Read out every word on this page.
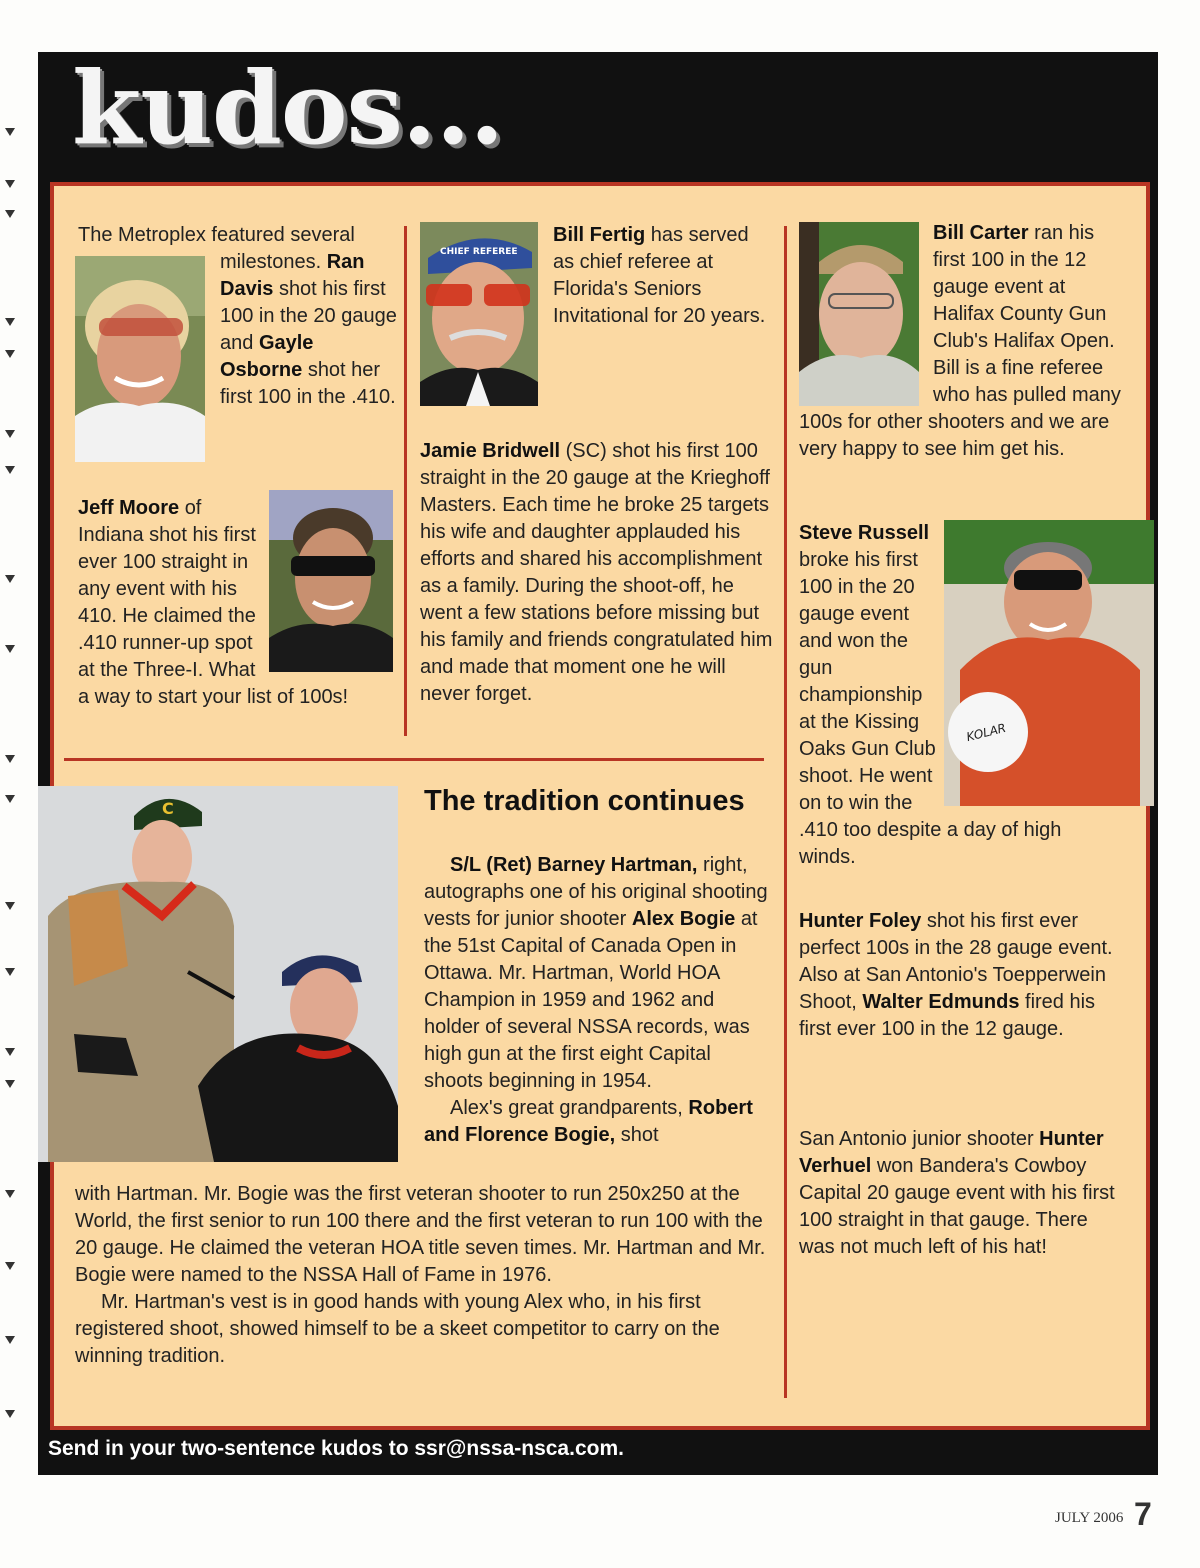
kudos...
The Metroplex featured several
milestones. Ran Davis shot his first 100 in the 20 gauge and Gayle Osborne shot her first 100 in the .410.
Jeff Moore of Indiana shot his first ever 100 straight in any event with his 410. He claimed the .410 runner-up spot at the Three-I. What a way to start your list of 100s!
CHIEF REFEREE
Bill Fertig has served as chief referee at Florida's Seniors Invitational for 20 years.
Jamie Bridwell (SC) shot his first 100 straight in the 20 gauge at the Krieghoff Masters. Each time he broke 25 targets his wife and daughter applauded his efforts and shared his accomplishment as a family. During the shoot-off, he went a few stations before missing but his family and friends congratulated him and made that moment one he will never forget.
Bill Carter ran his first 100 in the 12 gauge event at Halifax County Gun Club's Halifax Open. Bill is a fine referee who has pulled many 100s for other shooters and we are very happy to see him get his.
KOLAR
Steve Russell broke his first 100 in the 20 gauge event and won the gun championship at the Kissing Oaks Gun Club shoot. He went on to win the .410 too despite a day of high winds.
Hunter Foley shot his first ever perfect 100s in the 28 gauge event. Also at San Antonio's Toepperwein Shoot, Walter Edmunds fired his first ever 100 in the 12 gauge.
San Antonio junior shooter Hunter Verhuel won Bandera's Cowboy Capital 20 gauge event with his first 100 straight in that gauge. There was not much left of his hat!
C	The tradition continues

S/L (Ret) Barney Hartman, right, autographs one of his original shooting vests for junior shooter Alex Bogie at the 51st Capital of Canada Open in Ottawa. Mr. Hartman, World HOA Champion in 1959 and 1962 and holder of several NSSA records, was high gun at the first eight Capital shoots beginning in 1954.

Alex's great grandparents, Robert and Florence Bogie, shot

with Hartman. Mr. Bogie was the first veteran shooter to run 250x250 at the World, the first senior to run 100 there and the first veteran to run 100 with the 20 gauge. He claimed the veteran HOA title seven times. Mr. Hartman and Mr. Bogie were named to the NSSA Hall of Fame in 1976.

Mr. Hartman's vest is in good hands with young Alex who, in his first registered shoot, showed himself to be a skeet competitor to carry on the winning tradition.

Send in your two-sentence kudos to ssr@nssa-nsca.com.
JULY 2006 7
